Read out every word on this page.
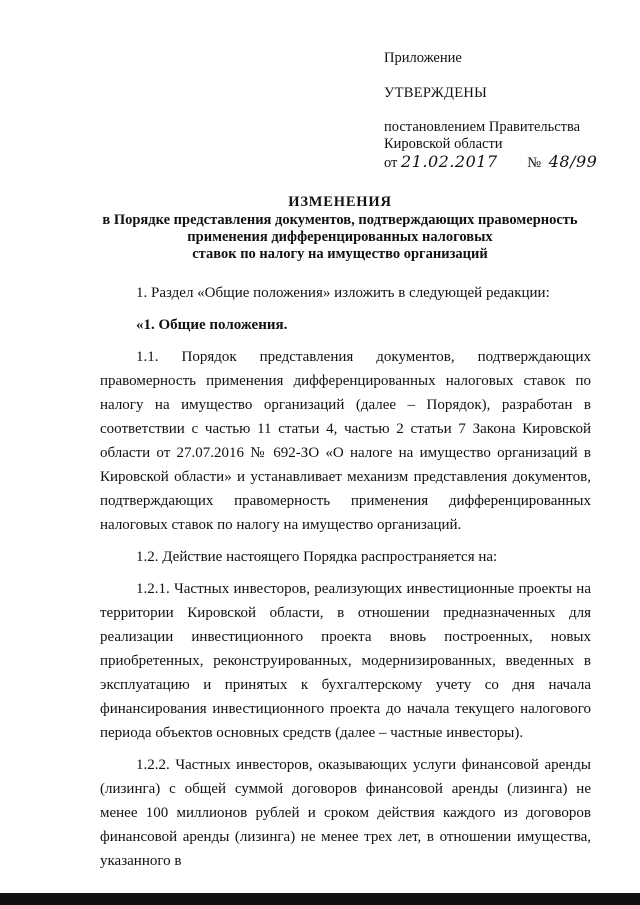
Приложение
УТВЕРЖДЕНЫ
постановлением Правительства
Кировской области
от 21.02.2017 № 48/99
ИЗМЕНЕНИЯ
в Порядке представления документов, подтверждающих правомерность
применения дифференцированных налоговых
ставок по налогу на имущество организаций

1. Раздел «Общие положения» изложить в следующей редакции:

«1. Общие положения.

1.1. Порядок представления документов, подтверждающих правомерность применения дифференцированных налоговых ставок по налогу на имущество организаций (далее – Порядок), разработан в соответствии с частью 11 статьи 4, частью 2 статьи 7 Закона Кировской области от 27.07.2016 № 692-ЗО «О налоге на имущество организаций в Кировской области» и устанавливает механизм представления документов, подтверждающих правомерность применения дифференцированных налоговых ставок по налогу на имущество организаций.

1.2. Действие настоящего Порядка распространяется на:

1.2.1. Частных инвесторов, реализующих инвестиционные проекты на территории Кировской области, в отношении предназначенных для реализации инвестиционного проекта вновь построенных, новых приобретенных, реконструированных, модернизированных, введенных в эксплуатацию и принятых к бухгалтерскому учету со дня начала финансирования инвестиционного проекта до начала текущего налогового периода объектов основных средств (далее – частные инвесторы).

1.2.2. Частных инвесторов, оказывающих услуги финансовой аренды (лизинга) с общей суммой договоров финансовой аренды (лизинга) не менее 100 миллионов рублей и сроком действия каждого из договоров финансовой аренды (лизинга) не менее трех лет, в отношении имущества, указанного в
